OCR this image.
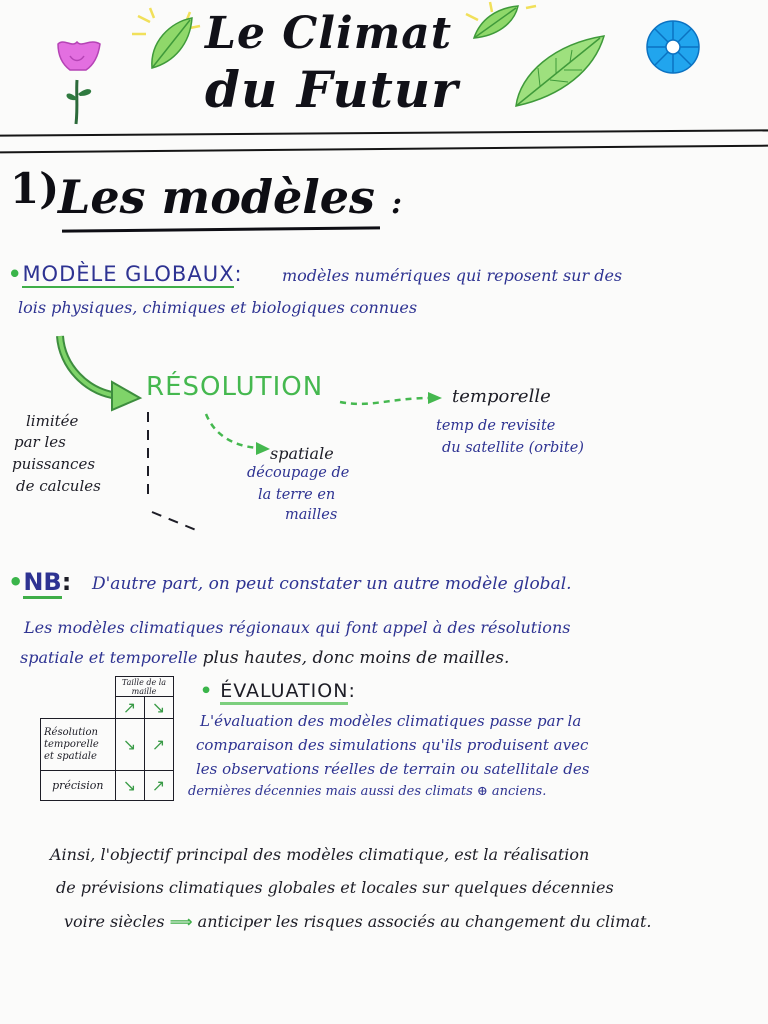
Le Climat
du Futur
1)
Les modèles :
•MODÈLE GLOBAUX: modèles numériques qui reposent sur des
lois physiques, chimiques et biologiques connues
RÉSOLUTION	temporelle
temp de revisite
du satellite (orbite)
spatiale
découpage de
la terre en
mailles
limitée
par les
puissances
de calcules
•NB: D'autre part, on peut constater un autre modèle global.
Les modèles climatiques régionaux qui font appel à des résolutions
spatiale et temporelle plus hautes, donc moins de mailles.
	Taille de la maille	
	↗	↘
Résolution temporelle et spatiale	↘	↗
précision	↘	↗
• ÉVALUATION:
L'évaluation des modèles climatiques passe par la
comparaison des simulations qu'ils produisent avec
les observations réelles de terrain ou satellitale des
dernières décennies mais aussi des climats ⊕ anciens.
Ainsi, l'objectif principal des modèles climatique, est la réalisation
de prévisions climatiques globales et locales sur quelques décennies
voire siècles ⟹ anticiper les risques associés au changement du climat.
